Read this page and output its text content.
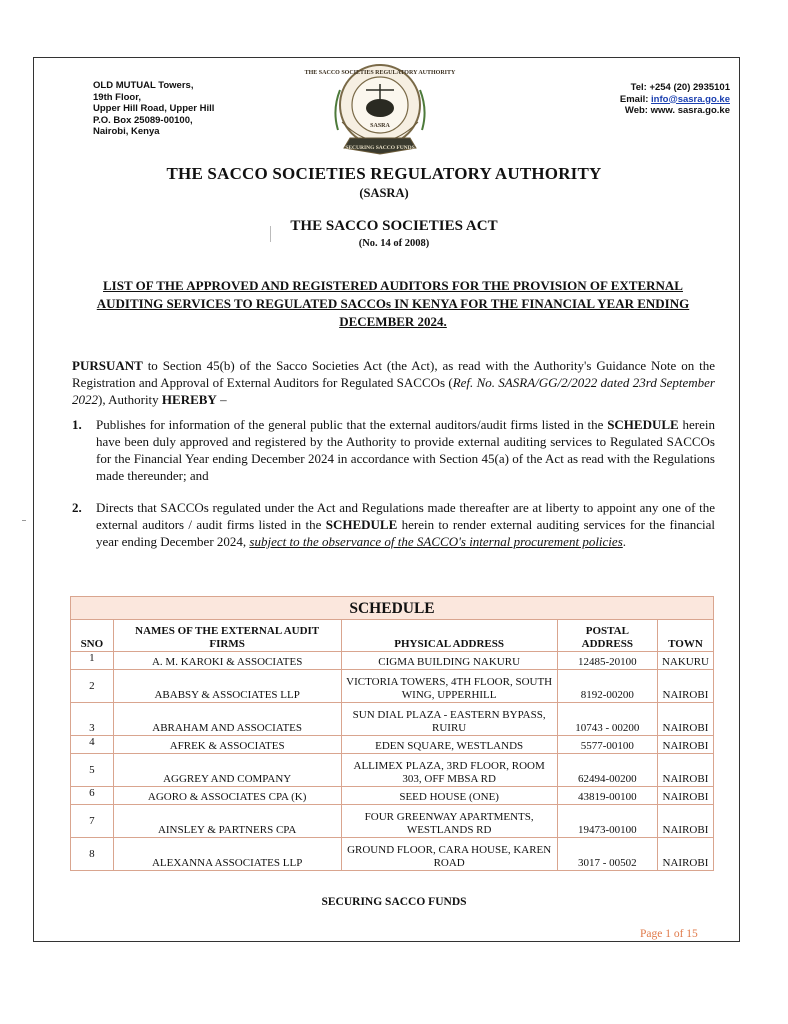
OLD MUTUAL Towers,
19th Floor,
Upper Hill Road, Upper Hill
P.O. Box 25089-00100,
Nairobi, Kenya
THE SACCO SOCIETIES REGULATORY AUTHORITY
SASRA
SECURING SACCO FUNDS
Tel: +254 (20) 2935101
Email: info@sasra.go.ke
Web: www. sasra.go.ke
THE SACCO SOCIETIES REGULATORY AUTHORITY
(SASRA)
THE SACCO SOCIETIES ACT
(No. 14 of 2008)
LIST OF THE APPROVED AND REGISTERED AUDITORS FOR THE PROVISION OF EXTERNAL AUDITING SERVICES TO REGULATED SACCOs IN KENYA FOR THE FINANCIAL YEAR ENDING DECEMBER 2024.
PURSUANT to Section 45(b) of the Sacco Societies Act (the Act), as read with the Authority's Guidance Note on the Registration and Approval of External Auditors for Regulated SACCOs (Ref. No. SASRA/GG/2/2022 dated 23rd September 2022), Authority HEREBY –
1. Publishes for information of the general public that the external auditors/audit firms listed in the SCHEDULE herein have been duly approved and registered by the Authority to provide external auditing services to Regulated SACCOs for the Financial Year ending December 2024 in accordance with Section 45(a) of the Act as read with the Regulations made thereunder; and
2. Directs that SACCOs regulated under the Act and Regulations made thereafter are at liberty to appoint any one of the external auditors / audit firms listed in the SCHEDULE herein to render external auditing services for the financial year ending December 2024, subject to the observance of the SACCO's internal procurement policies.
SCHEDULE				
SNO	NAMES OF THE EXTERNAL AUDIT FIRMS	PHYSICAL ADDRESS	POSTAL ADDRESS	TOWN
1	A. M. KAROKI & ASSOCIATES	CIGMA BUILDING NAKURU	12485-20100	NAKURU
2	ABABSY & ASSOCIATES LLP	VICTORIA TOWERS, 4TH FLOOR, SOUTH WING, UPPERHILL	8192-00200	NAIROBI
3	ABRAHAM AND ASSOCIATES	SUN DIAL PLAZA - EASTERN BYPASS, RUIRU	10743 - 00200	NAIROBI
4	AFREK & ASSOCIATES	EDEN SQUARE, WESTLANDS	5577-00100	NAIROBI
5	AGGREY AND COMPANY	ALLIMEX PLAZA, 3RD FLOOR, ROOM 303, OFF MBSA RD	62494-00200	NAIROBI
6	AGORO & ASSOCIATES CPA (K)	SEED HOUSE (ONE)	43819-00100	NAIROBI
7	AINSLEY & PARTNERS CPA	FOUR GREENWAY APARTMENTS, WESTLANDS RD	19473-00100	NAIROBI
8	ALEXANNA ASSOCIATES LLP	GROUND FLOOR, CARA HOUSE, KAREN ROAD	3017 - 00502	NAIROBI
SECURING SACCO FUNDS
Page 1 of 15
